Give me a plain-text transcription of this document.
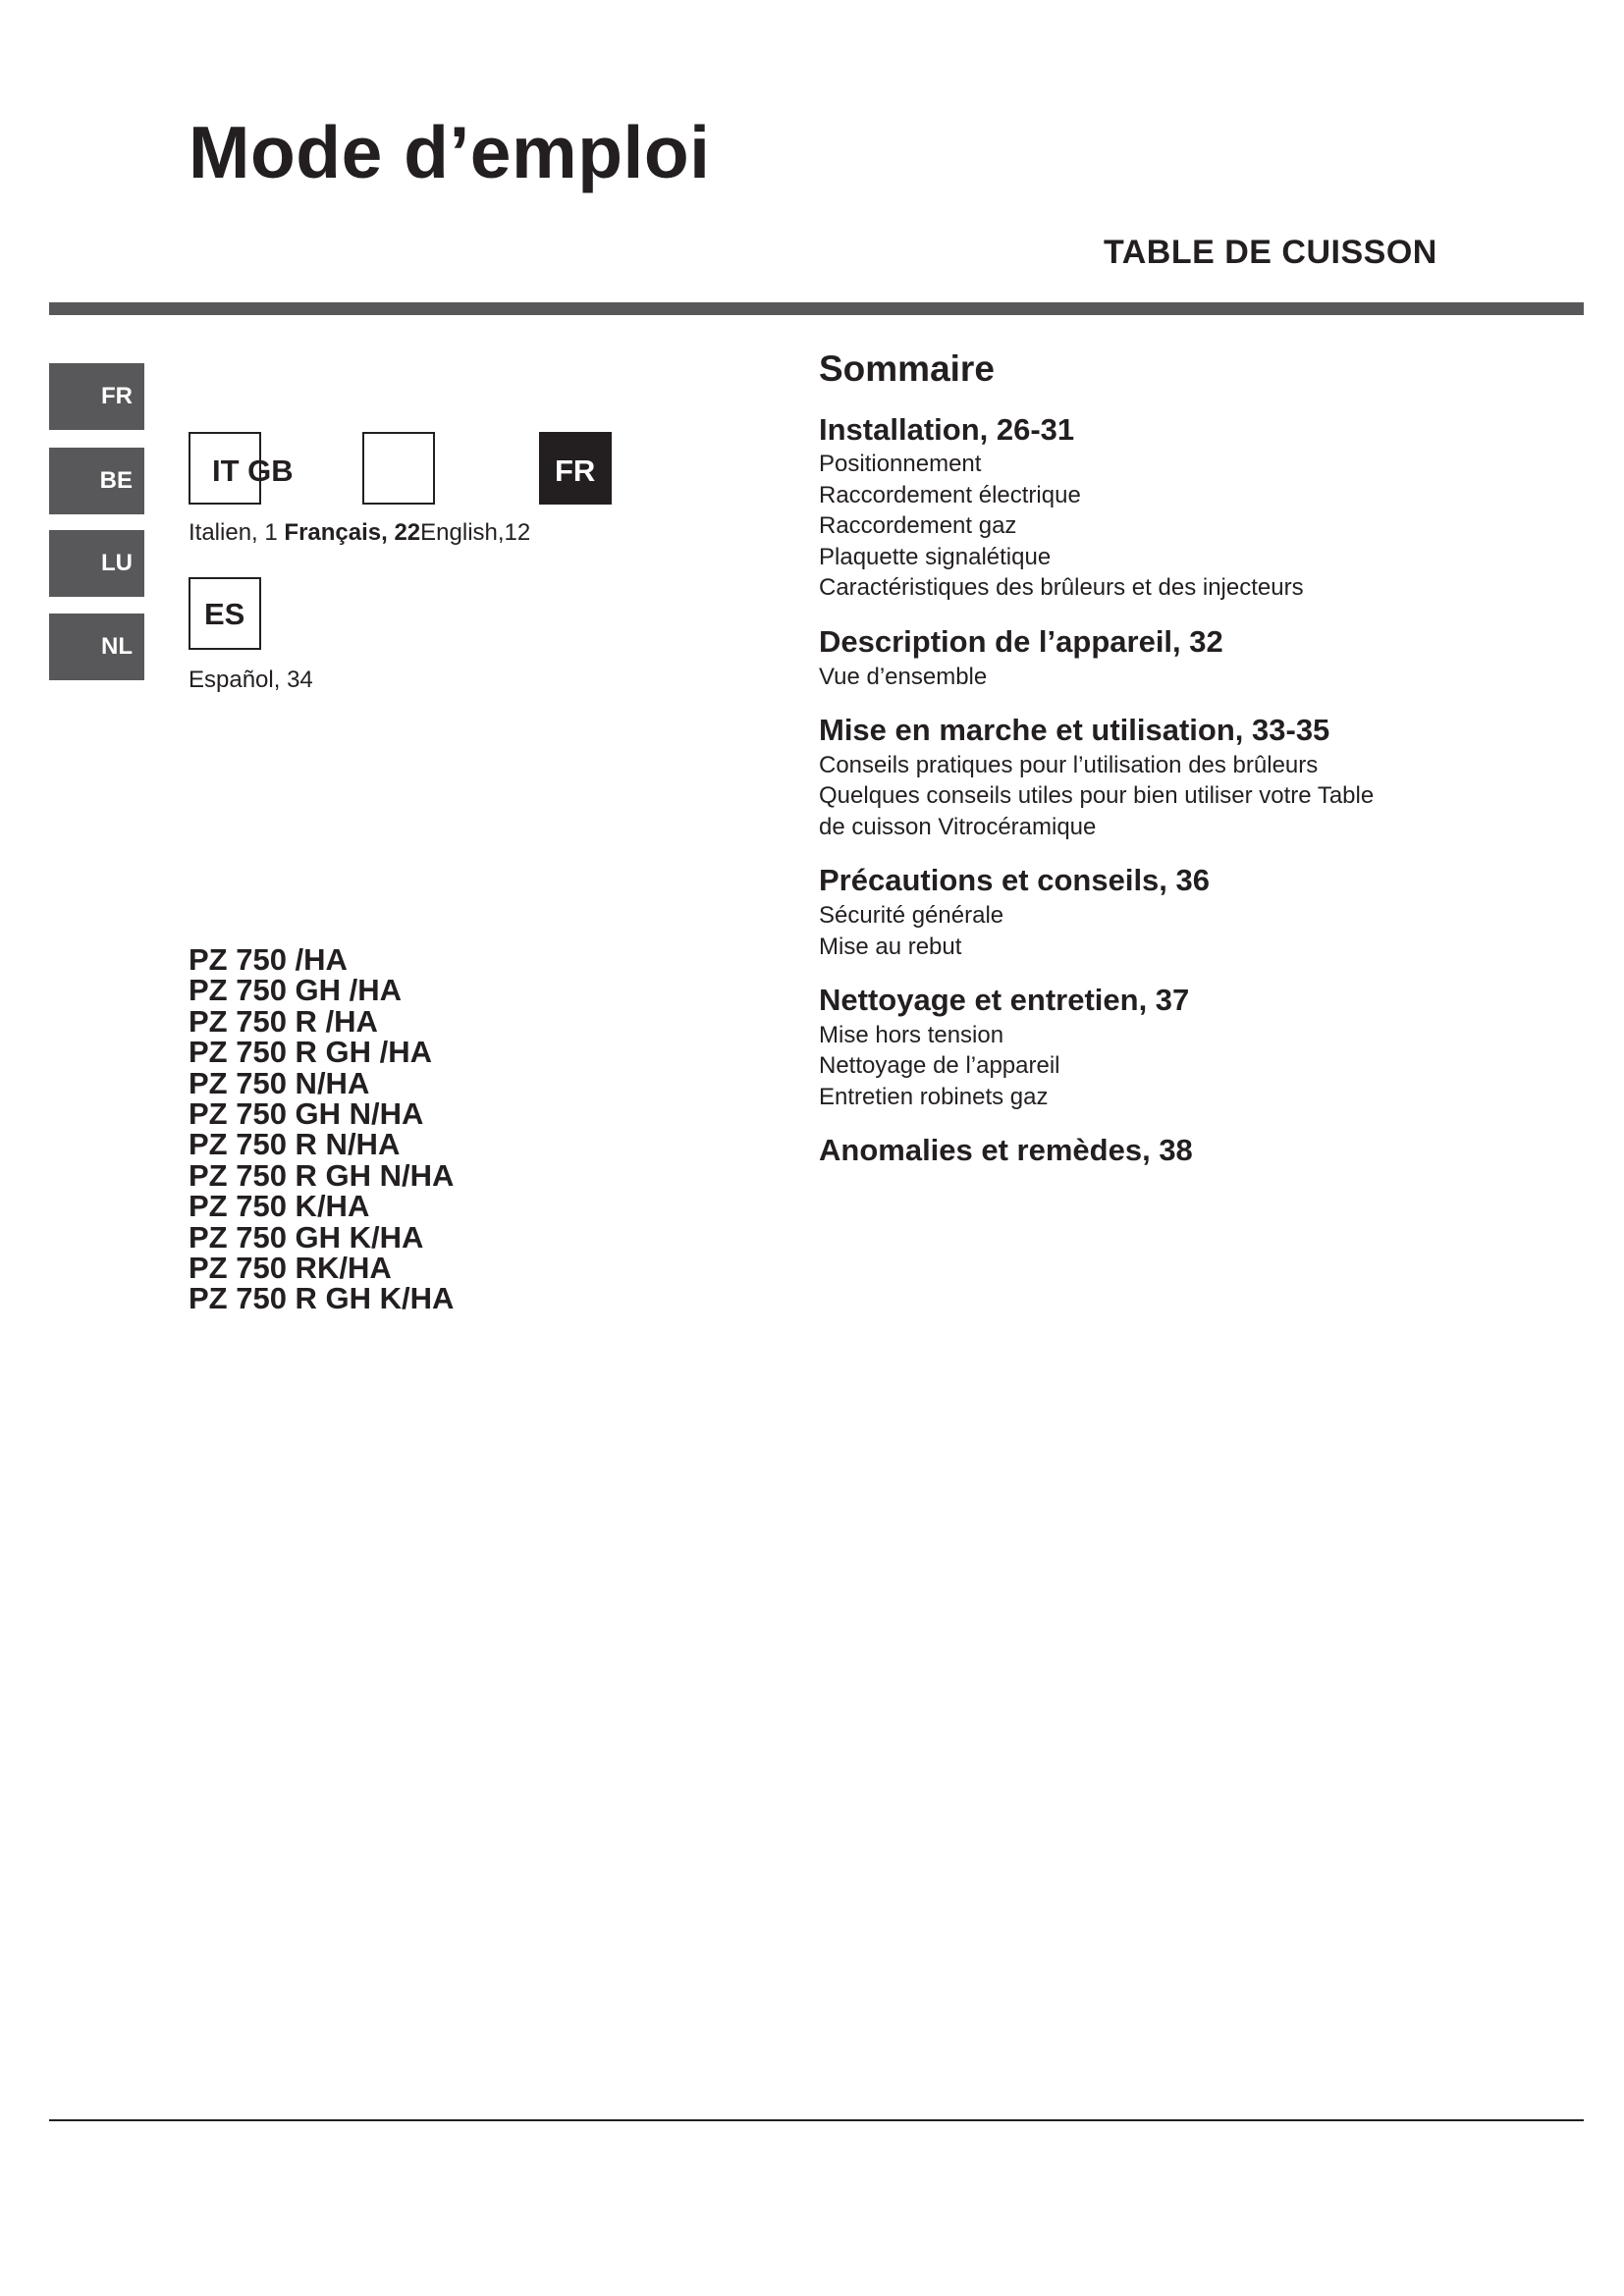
Mode d’emploi
TABLE DE CUISSON
FR
BE
LU
NL
IT GB	FR
Italien, 1 Français, 22English,12
ES
Español, 34
PZ 750 /HA
PZ 750 GH /HA
PZ 750 R /HA
PZ 750 R GH /HA
PZ 750 N/HA
PZ 750 GH N/HA
PZ 750 R N/HA
PZ 750 R GH N/HA
PZ 750 K/HA
PZ 750 GH K/HA
PZ 750 RK/HA
PZ 750 R GH K/HA
Sommaire
Installation, 26-31
Positionnement
Raccordement électrique
Raccordement gaz
Plaquette signalétique
Caractéristiques des brûleurs et des injecteurs
Description de l’appareil, 32
Vue d’ensemble
Mise en marche et utilisation, 33-35
Conseils pratiques pour l’utilisation des brûleurs
Quelques conseils utiles pour bien utiliser votre Table
de cuisson Vitrocéramique
Précautions et conseils, 36
Sécurité générale
Mise au rebut
Nettoyage et entretien, 37
Mise hors tension
Nettoyage de l’appareil
Entretien robinets gaz
Anomalies et remèdes, 38
